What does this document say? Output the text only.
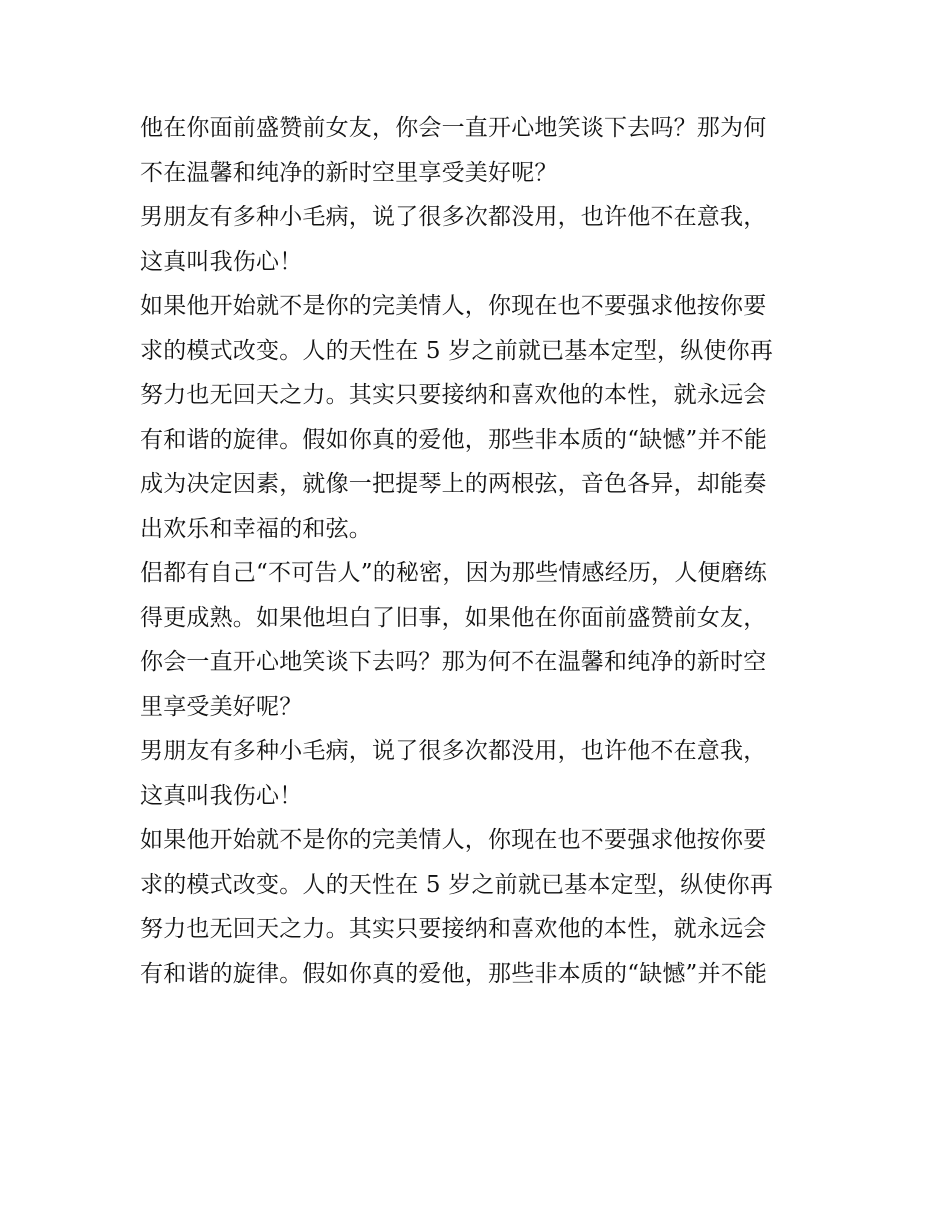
他在你面前盛赞前女友，你会一直开心地笑谈下去吗？那为何
不在温馨和纯净的新时空里享受美好呢？
男朋友有多种小毛病，说了很多次都没用，也许他不在意我，
这真叫我伤心！
如果他开始就不是你的完美情人，你现在也不要强求他按你要
求的模式改变。人的天性在 5 岁之前就已基本定型，纵使你再
努力也无回天之力。其实只要接纳和喜欢他的本性，就永远会
有和谐的旋律。假如你真的爱他，那些非本质的“缺憾”并不能
成为决定因素，就像一把提琴上的两根弦，音色各异，却能奏
出欢乐和幸福的和弦。
侣都有自己“不可告人”的秘密，因为那些情感经历，人便磨练
得更成熟。如果他坦白了旧事，如果他在你面前盛赞前女友，
你会一直开心地笑谈下去吗？那为何不在温馨和纯净的新时空
里享受美好呢？
男朋友有多种小毛病，说了很多次都没用，也许他不在意我，
这真叫我伤心！
如果他开始就不是你的完美情人，你现在也不要强求他按你要
求的模式改变。人的天性在 5 岁之前就已基本定型，纵使你再
努力也无回天之力。其实只要接纳和喜欢他的本性，就永远会
有和谐的旋律。假如你真的爱他，那些非本质的“缺憾”并不能
